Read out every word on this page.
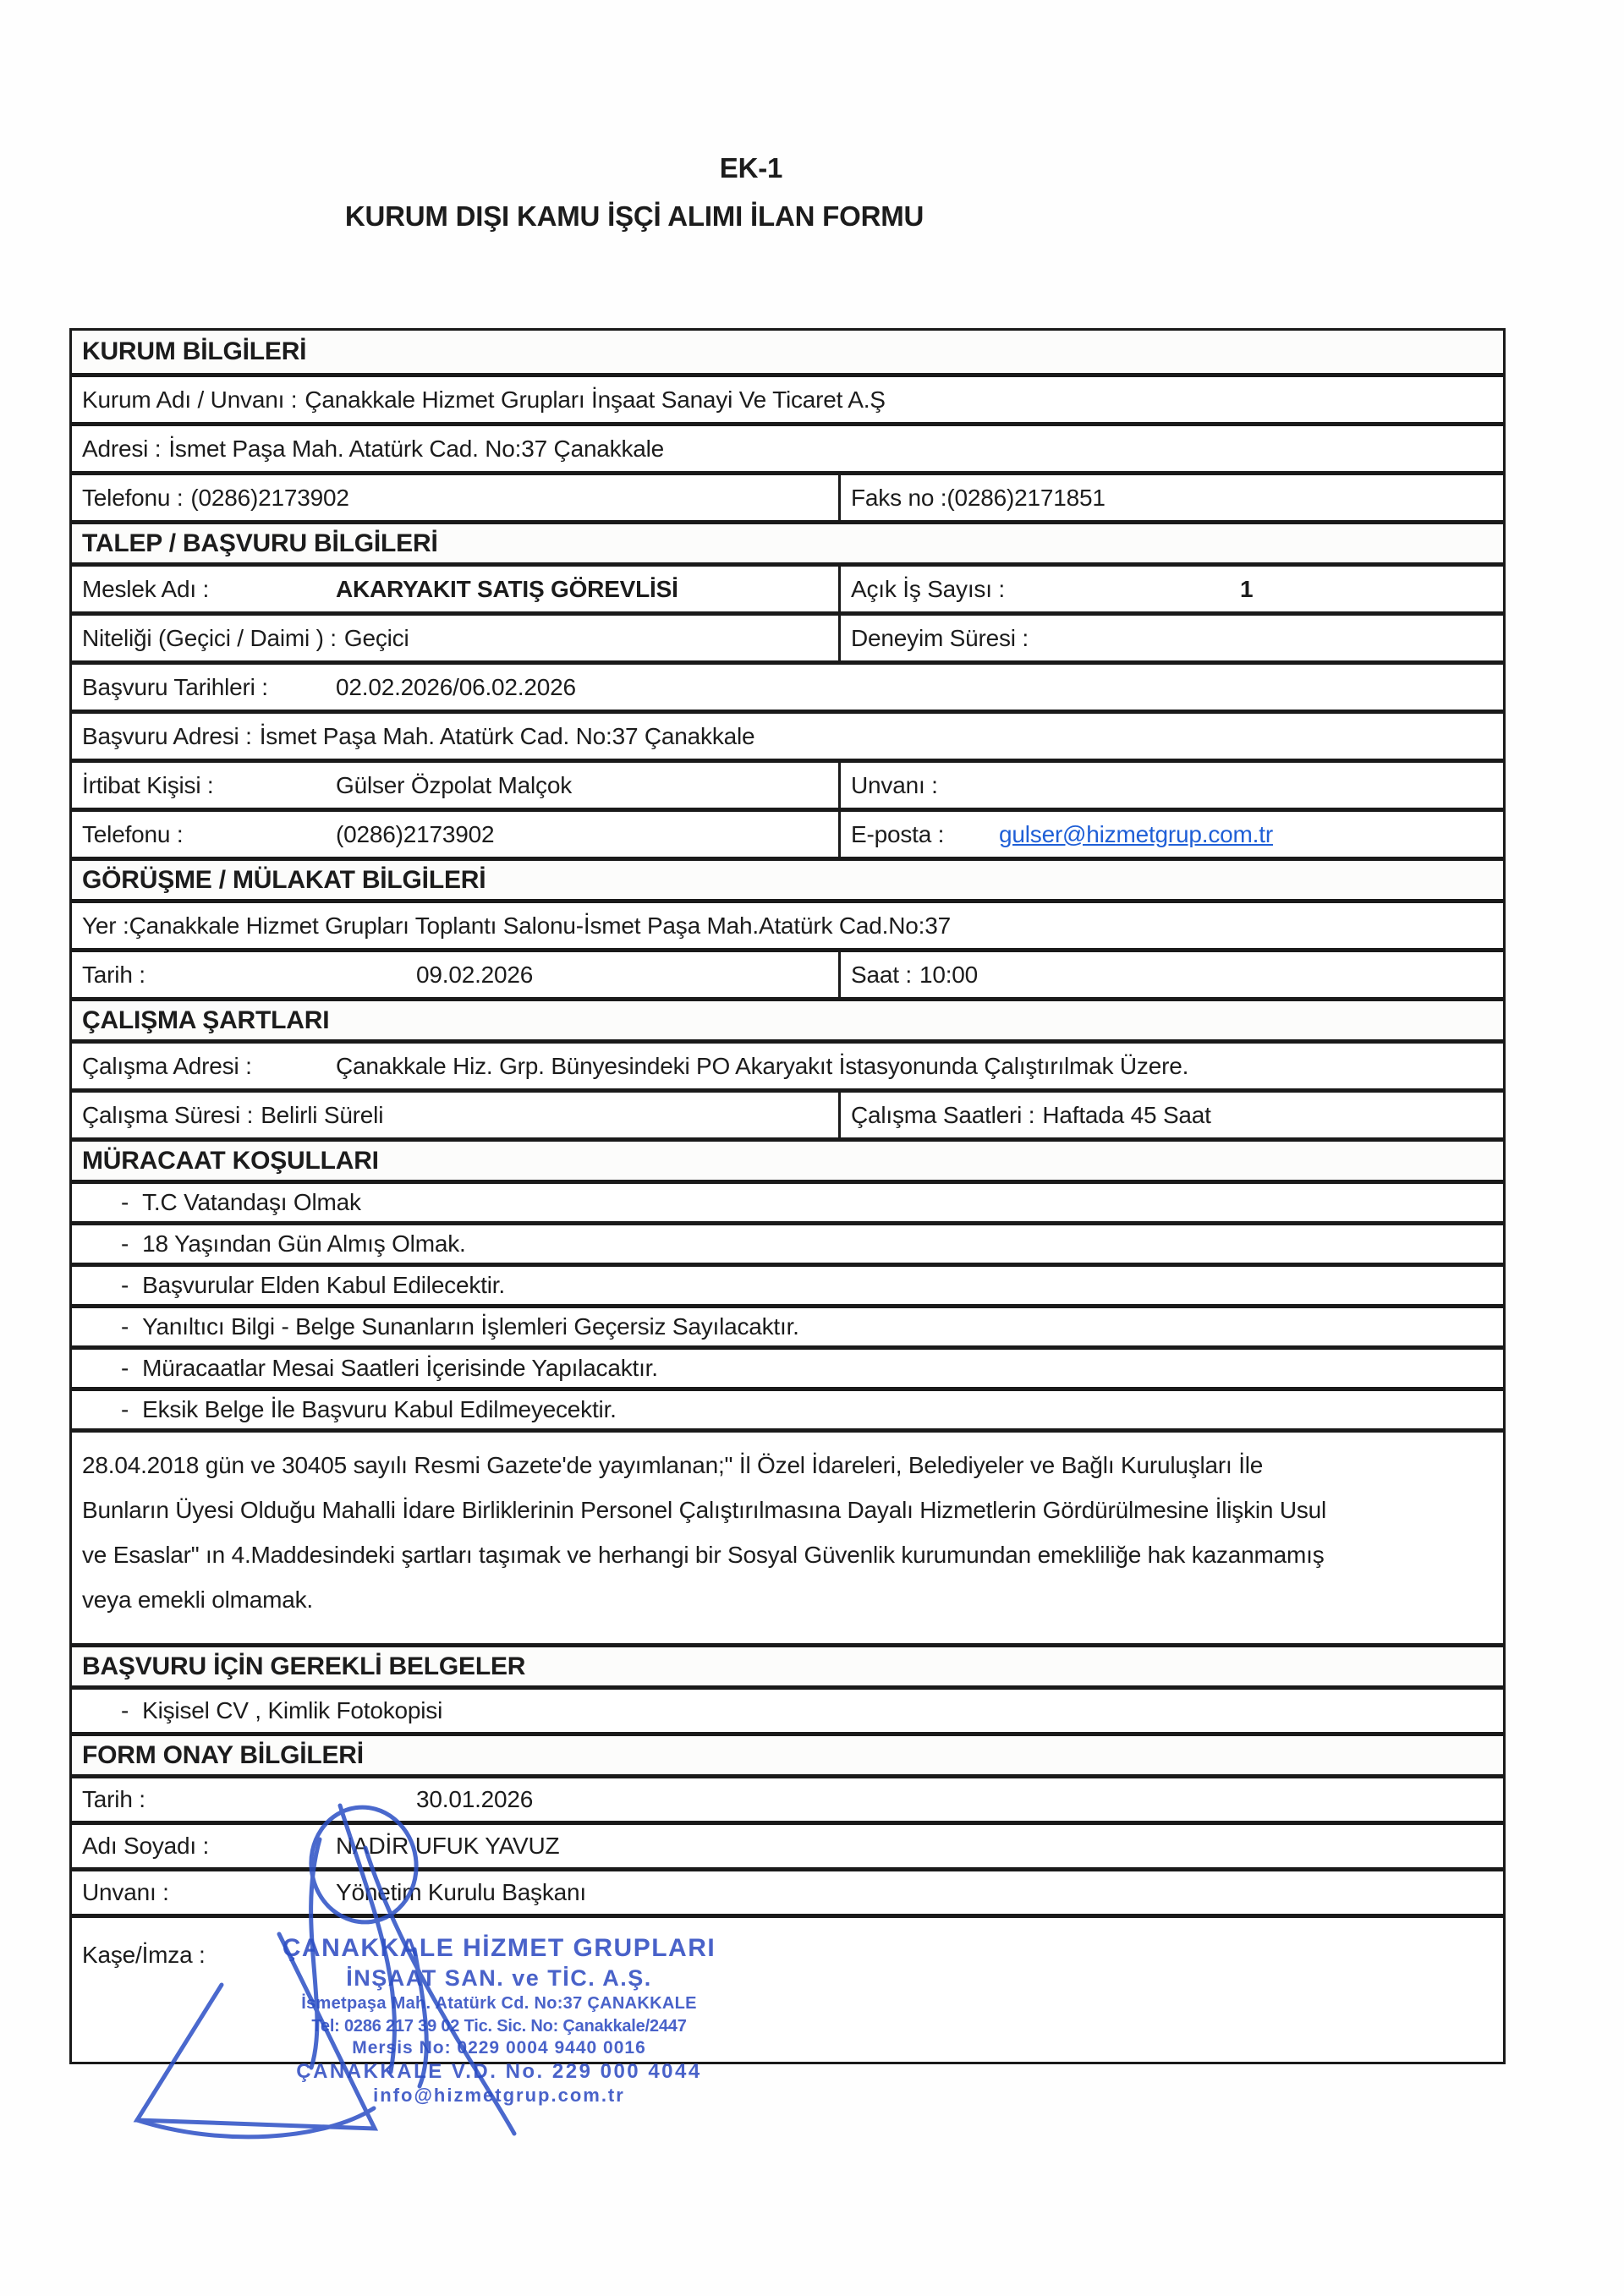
EK-1
KURUM DIŞI KAMU İŞÇİ ALIMI İLAN FORMU
KURUM BİLGİLERİ
Kurum Adı / Unvanı : Çanakkale Hizmet Grupları İnşaat Sanayi Ve Ticaret A.Ş
Adresi : İsmet Paşa Mah. Atatürk Cad. No:37 Çanakkale
Telefonu : (0286)2173902	Faks no : (0286)2171851
TALEP / BAŞVURU BİLGİLERİ
Meslek Adı :	AKARYAKIT SATIŞ GÖREVLİSİ	Açık İş Sayısı :	1
Niteliği (Geçici / Daimi ) : Geçici	Deneyim Süresi :
Başvuru Tarihleri :	02.02.2026/06.02.2026
Başvuru Adresi : İsmet Paşa Mah. Atatürk Cad. No:37 Çanakkale
İrtibat Kişisi :	Gülser Özpolat Malçok	Unvanı :
Telefonu :	(0286)2173902	E-posta :	gulser@hizmetgrup.com.tr
GÖRÜŞME / MÜLAKAT BİLGİLERİ
Yer : Çanakkale Hizmet Grupları Toplantı Salonu-İsmet Paşa Mah.Atatürk Cad.No:37
Tarih :	09.02.2026	Saat : 10:00
ÇALIŞMA ŞARTLARI
Çalışma Adresi :	Çanakkale Hiz. Grp. Bünyesindeki PO Akaryakıt İstasyonunda Çalıştırılmak Üzere.
Çalışma Süresi : Belirli Süreli	Çalışma Saatleri : Haftada 45 Saat
MÜRACAAT KOŞULLARI
- T.C Vatandaşı Olmak
- 18 Yaşından Gün Almış Olmak.
- Başvurular Elden Kabul Edilecektir.
- Yanıltıcı Bilgi - Belge Sunanların İşlemleri Geçersiz Sayılacaktır.
- Müracaatlar Mesai Saatleri İçerisinde Yapılacaktır.
- Eksik Belge İle Başvuru Kabul Edilmeyecektir.
28.04.2018 gün ve 30405 sayılı Resmi Gazete'de yayımlanan;" İl Özel İdareleri, Belediyeler ve Bağlı Kuruluşları İle Bunların Üyesi Olduğu Mahalli İdare Birliklerinin Personel Çalıştırılmasına Dayalı Hizmetlerin Gördürülmesine İlişkin Usul ve Esaslar" ın 4.Maddesindeki şartları taşımak ve herhangi bir Sosyal Güvenlik kurumundan emekliliğe hak kazanmamış veya emekli olmamak.
BAŞVURU İÇİN GEREKLİ BELGELER
- Kişisel CV , Kimlik Fotokopisi
FORM ONAY BİLGİLERİ
Tarih :	30.01.2026
Adı Soyadı :	NADİR UFUK YAVUZ
Unvanı :	Yönetim Kurulu Başkanı
Kaşe/İmza :	ÇANAKKALE HİZMET GRUPLARI
İNŞAAT SAN. ve TİC. A.Ş.
İsmetpaşa Mah. Atatürk Cd. No:37 ÇANAKKALE
Tel: 0286 217 39 02 Tic. Sic. No: Çanakkale/2447
Mersis No: 0229 0004 9440 0016
ÇANAKKALE V.D. No. 229 000 4044
info@hizmetgrup.com.tr
